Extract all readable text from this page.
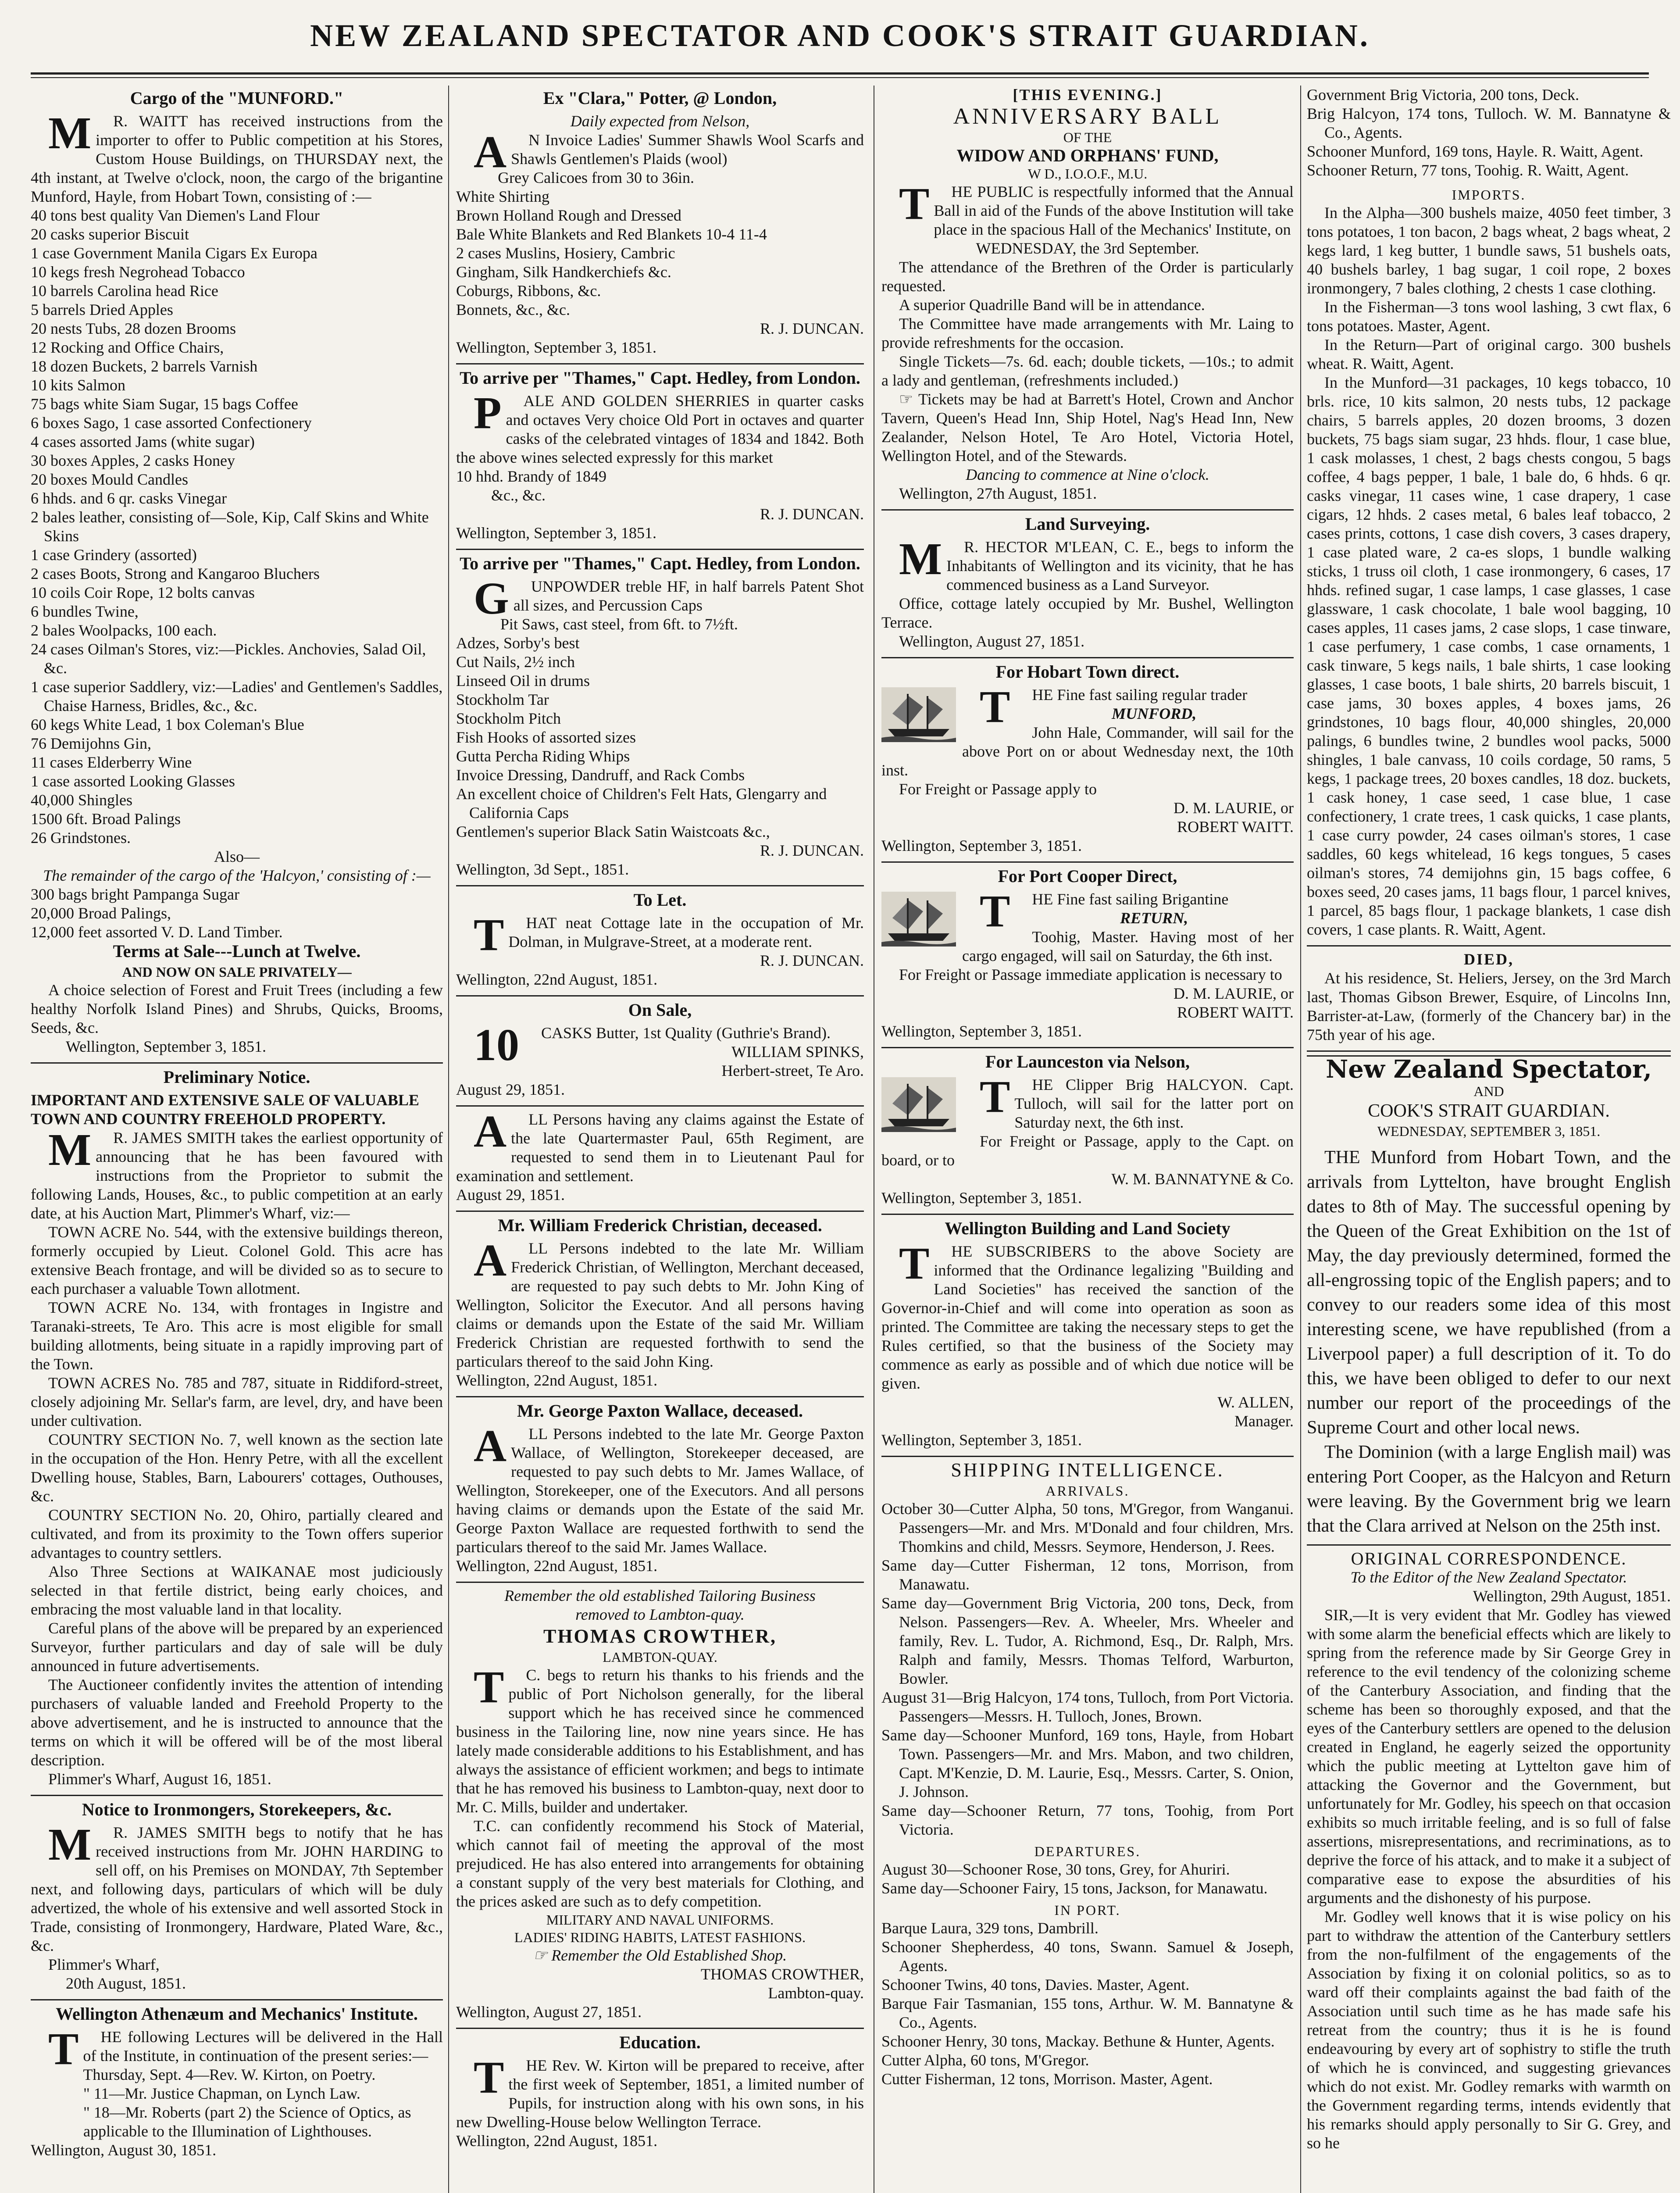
NEW ZEALAND SPECTATOR AND COOK'S STRAIT GUARDIAN.
Cargo of the "MUNFORD."

M R. WAITT has received instructions from the importer to offer to Public competition at his Stores, Custom House Buildings, on THURSDAY next, the 4th instant, at Twelve o'clock, noon, the cargo of the brigantine Munford, Hayle, from Hobart Town, consisting of :—

40 tons best quality Van Diemen's Land Flour

20 casks superior Biscuit

1 case Government Manila Cigars Ex Europa

10 kegs fresh Negrohead Tobacco

10 barrels Carolina head Rice

5 barrels Dried Apples

20 nests Tubs, 28 dozen Brooms

12 Rocking and Office Chairs,

18 dozen Buckets, 2 barrels Varnish

10 kits Salmon

75 bags white Siam Sugar, 15 bags Coffee

6 boxes Sago, 1 case assorted Confectionery

4 cases assorted Jams (white sugar)

30 boxes Apples, 2 casks Honey

20 boxes Mould Candles

6 hhds. and 6 qr. casks Vinegar

2 bales leather, consisting of—Sole, Kip, Calf Skins and White Skins

1 case Grindery (assorted)

2 cases Boots, Strong and Kangaroo Bluchers

10 coils Coir Rope, 12 bolts canvas

6 bundles Twine,

2 bales Woolpacks, 100 each.

24 cases Oilman's Stores, viz:—Pickles. Anchovies, Salad Oil, &c.

1 case superior Saddlery, viz:—Ladies' and Gentlemen's Saddles, Chaise Harness, Bridles, &c., &c.

60 kegs White Lead, 1 box Coleman's Blue

76 Demijohns Gin,

11 cases Elderberry Wine

1 case assorted Looking Glasses

40,000 Shingles

1500 6ft. Broad Palings

26 Grindstones.

Also—
The remainder of the cargo of the 'Halcyon,' consisting of :—

300 bags bright Pampanga Sugar

20,000 Broad Palings,

12,000 feet assorted V. D. Land Timber.

Terms at Sale---Lunch at Twelve.
AND NOW ON SALE PRIVATELY—

A choice selection of Forest and Fruit Trees (including a few healthy Norfolk Island Pines) and Shrubs, Quicks, Brooms, Seeds, &c.

Wellington, September 3, 1851.

Preliminary Notice.

IMPORTANT AND EXTENSIVE SALE OF VALUABLE TOWN AND COUNTRY FREEHOLD PROPERTY.

M R. JAMES SMITH takes the earliest opportunity of announcing that he has been favoured with instructions from the Proprietor to submit the following Lands, Houses, &c., to public competition at an early date, at his Auction Mart, Plimmer's Wharf, viz:—

TOWN ACRE No. 544, with the extensive buildings thereon, formerly occupied by Lieut. Colonel Gold. This acre has extensive Beach frontage, and will be divided so as to secure to each purchaser a valuable Town allotment.

TOWN ACRE No. 134, with frontages in Ingistre and Taranaki-streets, Te Aro. This acre is most eligible for small building allotments, being situate in a rapidly improving part of the Town.

TOWN ACRES No. 785 and 787, situate in Riddiford-street, closely adjoining Mr. Sellar's farm, are level, dry, and have been under cultivation.

COUNTRY SECTION No. 7, well known as the section late in the occupation of the Hon. Henry Petre, with all the excellent Dwelling house, Stables, Barn, Labourers' cottages, Outhouses, &c.

COUNTRY SECTION No. 20, Ohiro, partially cleared and cultivated, and from its proximity to the Town offers superior advantages to country settlers.

Also Three Sections at WAIKANAE most judiciously selected in that fertile district, being early choices, and embracing the most valuable land in that locality.

Careful plans of the above will be prepared by an experienced Surveyor, further particulars and day of sale will be duly announced in future advertisements.

The Auctioneer confidently invites the attention of intending purchasers of valuable landed and Freehold Property to the above advertisement, and he is instructed to announce that the terms on which it will be offered will be of the most liberal description.

Plimmer's Wharf, August 16, 1851.

Notice to Ironmongers, Storekeepers, &c.

M R. JAMES SMITH begs to notify that he has received instructions from Mr. JOHN HARDING to sell off, on his Premises on MONDAY, 7th September next, and following days, particulars of which will be duly advertized, the whole of his extensive and well assorted Stock in Trade, consisting of Ironmongery, Hardware, Plated Ware, &c., &c.

Plimmer's Wharf,

20th August, 1851.

Wellington Athenæum and Mechanics' Institute.

T HE following Lectures will be delivered in the Hall of the Institute, in continuation of the present series:—

Thursday, Sept. 4—Rev. W. Kirton, on Poetry.

" 11—Mr. Justice Chapman, on Lynch Law.

" 18—Mr. Roberts (part 2) the Science of Optics, as applicable to the Illumination of Lighthouses.

Wellington, August 30, 1851.

Ex "Clara," Potter, @ London,
Daily expected from Nelson,

A N Invoice Ladies' Summer Shawls Wool Scarfs and Shawls Gentlemen's Plaids (wool)

Grey Calicoes from 30 to 36in.

White Shirting

Brown Holland Rough and Dressed

Bale White Blankets and Red Blankets 10-4 11-4

2 cases Muslins, Hosiery, Cambric

Gingham, Silk Handkerchiefs &c.

Coburgs, Ribbons, &c.

Bonnets, &c., &c.

R. J. DUNCAN.

Wellington, September 3, 1851.

To arrive per "Thames," Capt. Hedley, from London.

P ALE AND GOLDEN SHERRIES in quarter casks and octaves Very choice Old Port in octaves and quarter casks of the celebrated vintages of 1834 and 1842. Both the above wines selected expressly for this market

10 hhd. Brandy of 1849

&c., &c.

R. J. DUNCAN.

Wellington, September 3, 1851.

To arrive per "Thames," Capt. Hedley, from London.

G UNPOWDER treble HF, in half barrels Patent Shot all sizes, and Percussion Caps

Pit Saws, cast steel, from 6ft. to 7½ft.

Adzes, Sorby's best

Cut Nails, 2½ inch

Linseed Oil in drums

Stockholm Tar

Stockholm Pitch

Fish Hooks of assorted sizes

Gutta Percha Riding Whips

Invoice Dressing, Dandruff, and Rack Combs

An excellent choice of Children's Felt Hats, Glengarry and California Caps

Gentlemen's superior Black Satin Waistcoats &c.,

R. J. DUNCAN.

Wellington, 3d Sept., 1851.

To Let.

T HAT neat Cottage late in the occupation of Mr. Dolman, in Mulgrave-Street, at a moderate rent.

R. J. DUNCAN.

Wellington, 22nd August, 1851.

On Sale,

10 CASKS Butter, 1st Quality (Guthrie's Brand).

WILLIAM SPINKS,

Herbert-street, Te Aro.

August 29, 1851.

A LL Persons having any claims against the Estate of the late Quartermaster Paul, 65th Regiment, are requested to send them in to Lieutenant Paul for examination and settlement.

August 29, 1851.

Mr. William Frederick Christian, deceased.

A LL Persons indebted to the late Mr. William Frederick Christian, of Wellington, Merchant deceased, are requested to pay such debts to Mr. John King of Wellington, Solicitor the Executor. And all persons having claims or demands upon the Estate of the said Mr. William Frederick Christian are requested forthwith to send the particulars thereof to the said John King.

Wellington, 22nd August, 1851.

Mr. George Paxton Wallace, deceased.

A LL Persons indebted to the late Mr. George Paxton Wallace, of Wellington, Storekeeper deceased, are requested to pay such debts to Mr. James Wallace, of Wellington, Storekeeper, one of the Executors. And all persons having claims or demands upon the Estate of the said Mr. George Paxton Wallace are requested forthwith to send the particulars thereof to the said Mr. James Wallace.

Wellington, 22nd August, 1851.

Remember the old established Tailoring Business
removed to Lambton-quay.
THOMAS CROWTHER,
LAMBTON-QUAY.

T C. begs to return his thanks to his friends and the public of Port Nicholson generally, for the liberal support which he has received since he commenced business in the Tailoring line, now nine years since. He has lately made considerable additions to his Establishment, and has always the assistance of efficient workmen; and begs to intimate that he has removed his business to Lambton-quay, next door to Mr. C. Mills, builder and undertaker.

T.C. can confidently recommend his Stock of Material, which cannot fail of meeting the approval of the most prejudiced. He has also entered into arrangements for obtaining a constant supply of the very best materials for Clothing, and the prices asked are such as to defy competition.

MILITARY AND NAVAL UNIFORMS.
LADIES' RIDING HABITS, LATEST FASHIONS.
☞ Remember the Old Established Shop.

THOMAS CROWTHER,

Lambton-quay.

Wellington, August 27, 1851.

Education.

T HE Rev. W. Kirton will be prepared to receive, after the first week of September, 1851, a limited number of Pupils, for instruction along with his own sons, in his new Dwelling-House below Wellington Terrace.

Wellington, 22nd August, 1851.

[THIS EVENING.]
ANNIVERSARY BALL
OF THE
WIDOW AND ORPHANS' FUND,
W D., I.O.O.F., M.U.

T HE PUBLIC is respectfully informed that the Annual Ball in aid of the Funds of the above Institution will take place in the spacious Hall of the Mechanics' Institute, on

WEDNESDAY, the 3rd September.

The attendance of the Brethren of the Order is particularly requested.

A superior Quadrille Band will be in attendance.

The Committee have made arrangements with Mr. Laing to provide refreshments for the occasion.

Single Tickets—7s. 6d. each; double tickets, —10s.; to admit a lady and gentleman, (refreshments included.)

☞ Tickets may be had at Barrett's Hotel, Crown and Anchor Tavern, Queen's Head Inn, Ship Hotel, Nag's Head Inn, New Zealander, Nelson Hotel, Te Aro Hotel, Victoria Hotel, Wellington Hotel, and of the Stewards.

Dancing to commence at Nine o'clock.

Wellington, 27th August, 1851.

Land Surveying.

M R. HECTOR M'LEAN, C. E., begs to inform the Inhabitants of Wellington and its vicinity, that he has commenced business as a Land Surveyor.

Office, cottage lately occupied by Mr. Bushel, Wellington Terrace.

Wellington, August 27, 1851.

For Hobart Town direct.

T HE Fine fast sailing regular trader

MUNFORD,

John Hale, Commander, will sail for the above Port on or about Wednesday next, the 10th inst.

For Freight or Passage apply to

D. M. LAURIE, or

ROBERT WAITT.

Wellington, September 3, 1851.

For Port Cooper Direct,

T HE Fine fast sailing Brigantine

RETURN,

Toohig, Master. Having most of her cargo engaged, will sail on Saturday, the 6th inst.

For Freight or Passage immediate application is necessary to

D. M. LAURIE, or

ROBERT WAITT.

Wellington, September 3, 1851.

For Launceston via Nelson,

T HE Clipper Brig HALCYON. Capt. Tulloch, will sail for the latter port on Saturday next, the 6th inst.

For Freight or Passage, apply to the Capt. on board, or to

W. M. BANNATYNE & Co.

Wellington, September 3, 1851.

Wellington Building and Land Society

T HE SUBSCRIBERS to the above Society are informed that the Ordinance legalizing "Building and Land Societies" has received the sanction of the Governor-in-Chief and will come into operation as soon as printed. The Committee are taking the necessary steps to get the Rules certified, so that the business of the Society may commence as early as possible and of which due notice will be given.

W. ALLEN,

Manager.

Wellington, September 3, 1851.

SHIPPING INTELLIGENCE.
ARRIVALS.

October 30—Cutter Alpha, 50 tons, M'Gregor, from Wanganui. Passengers—Mr. and Mrs. M'Donald and four children, Mrs. Thomkins and child, Messrs. Seymore, Henderson, J. Rees.

Same day—Cutter Fisherman, 12 tons, Morrison, from Manawatu.

Same day—Government Brig Victoria, 200 tons, Deck, from Nelson. Passengers—Rev. A. Wheeler, Mrs. Wheeler and family, Rev. L. Tudor, A. Richmond, Esq., Dr. Ralph, Mrs. Ralph and family, Messrs. Thomas Telford, Warburton, Bowler.

August 31—Brig Halcyon, 174 tons, Tulloch, from Port Victoria. Passengers—Messrs. H. Tulloch, Jones, Brown.

Same day—Schooner Munford, 169 tons, Hayle, from Hobart Town. Passengers—Mr. and Mrs. Mabon, and two children, Capt. M'Kenzie, D. M. Laurie, Esq., Messrs. Carter, S. Onion, J. Johnson.

Same day—Schooner Return, 77 tons, Toohig, from Port Victoria.

DEPARTURES.

August 30—Schooner Rose, 30 tons, Grey, for Ahuriri.

Same day—Schooner Fairy, 15 tons, Jackson, for Manawatu.

IN PORT.

Barque Laura, 329 tons, Dambrill.

Schooner Shepherdess, 40 tons, Swann. Samuel & Joseph, Agents.

Schooner Twins, 40 tons, Davies. Master, Agent.

Barque Fair Tasmanian, 155 tons, Arthur. W. M. Bannatyne & Co., Agents.

Schooner Henry, 30 tons, Mackay. Bethune & Hunter, Agents.

Cutter Alpha, 60 tons, M'Gregor.

Cutter Fisherman, 12 tons, Morrison. Master, Agent.

Government Brig Victoria, 200 tons, Deck.

Brig Halcyon, 174 tons, Tulloch. W. M. Bannatyne & Co., Agents.

Schooner Munford, 169 tons, Hayle. R. Waitt, Agent.

Schooner Return, 77 tons, Toohig. R. Waitt, Agent.

IMPORTS.

In the Alpha—300 bushels maize, 4050 feet timber, 3 tons potatoes, 1 ton bacon, 2 bags wheat, 2 bags wheat, 2 kegs lard, 1 keg butter, 1 bundle saws, 51 bushels oats, 40 bushels barley, 1 bag sugar, 1 coil rope, 2 boxes ironmongery, 7 bales clothing, 2 chests 1 case clothing.

In the Fisherman—3 tons wool lashing, 3 cwt flax, 6 tons potatoes. Master, Agent.

In the Return—Part of original cargo. 300 bushels wheat. R. Waitt, Agent.

In the Munford—31 packages, 10 kegs tobacco, 10 brls. rice, 10 kits salmon, 20 nests tubs, 12 package chairs, 5 barrels apples, 20 dozen brooms, 3 dozen buckets, 75 bags siam sugar, 23 hhds. flour, 1 case blue, 1 cask molasses, 1 chest, 2 bags chests congou, 5 bags coffee, 4 bags pepper, 1 bale, 1 bale do, 6 hhds. 6 qr. casks vinegar, 11 cases wine, 1 case drapery, 1 case cigars, 12 hhds. 2 cases metal, 6 bales leaf tobacco, 2 cases prints, cottons, 1 case dish covers, 3 cases drapery, 1 case plated ware, 2 ca-es slops, 1 bundle walking sticks, 1 truss oil cloth, 1 case ironmongery, 6 cases, 17 hhds. refined sugar, 1 case lamps, 1 case glasses, 1 case glassware, 1 cask chocolate, 1 bale wool bagging, 10 cases apples, 11 cases jams, 2 case slops, 1 case tinware, 1 case perfumery, 1 case combs, 1 case ornaments, 1 cask tinware, 5 kegs nails, 1 bale shirts, 1 case looking glasses, 1 case boots, 1 bale shirts, 20 barrels biscuit, 1 case jams, 30 boxes apples, 4 boxes jams, 26 grindstones, 10 bags flour, 40,000 shingles, 20,000 palings, 6 bundles twine, 2 bundles wool packs, 5000 shingles, 1 bale canvass, 10 coils cordage, 50 rams, 5 kegs, 1 package trees, 20 boxes candles, 18 doz. buckets, 1 cask honey, 1 case seed, 1 case blue, 1 case confectionery, 1 crate trees, 1 cask quicks, 1 case plants, 1 case curry powder, 24 cases oilman's stores, 1 case saddles, 60 kegs whitelead, 16 kegs tongues, 5 cases oilman's stores, 74 demijohns gin, 15 bags coffee, 6 boxes seed, 20 cases jams, 11 bags flour, 1 parcel knives, 1 parcel, 85 bags flour, 1 package blankets, 1 case dish covers, 1 case plants. R. Waitt, Agent.

DIED,

At his residence, St. Heliers, Jersey, on the 3rd March last, Thomas Gibson Brewer, Esquire, of Lincolns Inn, Barrister-at-Law, (formerly of the Chancery bar) in the 75th year of his age.

New Zealand Spectator,
AND
COOK'S STRAIT GUARDIAN.
WEDNESDAY, SEPTEMBER 3, 1851.

THE Munford from Hobart Town, and the arrivals from Lyttelton, have brought English dates to 8th of May. The successful opening by the Queen of the Great Exhibition on the 1st of May, the day previously determined, formed the all-engrossing topic of the English papers; and to convey to our readers some idea of this most interesting scene, we have republished (from a Liverpool paper) a full description of it. To do this, we have been obliged to defer to our next number our report of the proceedings of the Supreme Court and other local news.

The Dominion (with a large English mail) was entering Port Cooper, as the Halcyon and Return were leaving. By the Government brig we learn that the Clara arrived at Nelson on the 25th inst.

ORIGINAL CORRESPONDENCE.
To the Editor of the New Zealand Spectator.

Wellington, 29th August, 1851.

SIR,—It is very evident that Mr. Godley has viewed with some alarm the beneficial effects which are likely to spring from the reference made by Sir George Grey in reference to the evil tendency of the colonizing scheme of the Canterbury Association, and finding that the scheme has been so thoroughly exposed, and that the eyes of the Canterbury settlers are opened to the delusion created in England, he eagerly seized the opportunity which the public meeting at Lyttelton gave him of attacking the Governor and the Government, but unfortunately for Mr. Godley, his speech on that occasion exhibits so much irritable feeling, and is so full of false assertions, misrepresentations, and recriminations, as to deprive the force of his attack, and to make it a subject of comparative ease to expose the absurdities of his arguments and the dishonesty of his purpose.

Mr. Godley well knows that it is wise policy on his part to withdraw the attention of the Canterbury settlers from the non-fulfilment of the engagements of the Association by fixing it on colonial politics, so as to ward off their complaints against the bad faith of the Association until such time as he has made safe his retreat from the country; thus it is he is found endeavouring by every art of sophistry to stifle the truth of which he is convinced, and suggesting grievances which do not exist. Mr. Godley remarks with warmth on the Government regarding terms, intends evidently that his remarks should apply personally to Sir G. Grey, and so he
